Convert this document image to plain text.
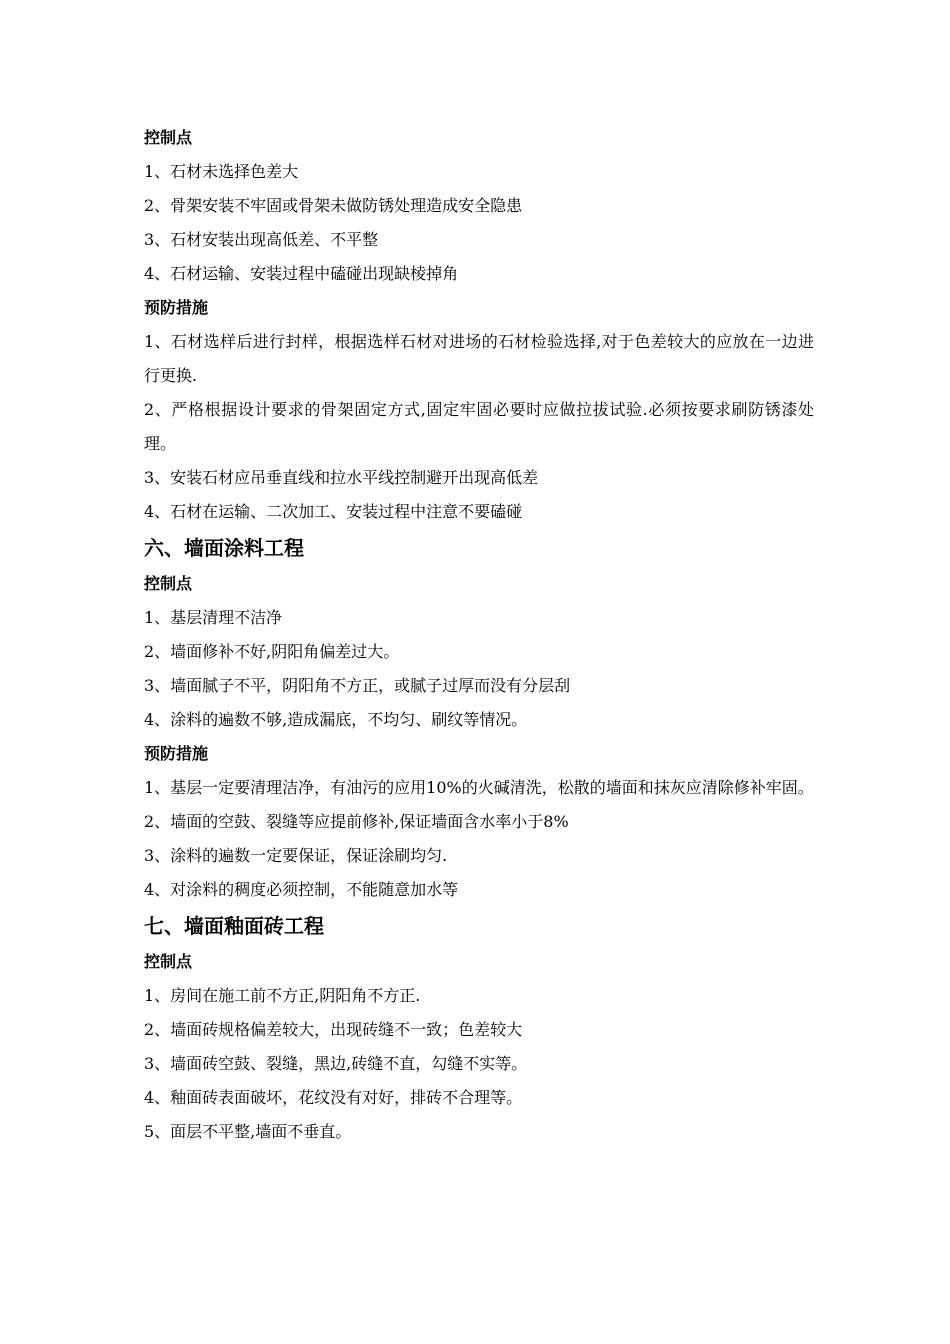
控制点

1、石材未选择色差大

2、骨架安装不牢固或骨架未做防锈处理造成安全隐患

3、石材安装出现高低差、不平整

4、石材运输、安装过程中磕碰出现缺棱掉角

预防措施

1、石材选样后进行封样，根据选样石材对进场的石材检验选择,对于色差较大的应放在一边进行更换.

2、严格根据设计要求的骨架固定方式,固定牢固必要时应做拉拔试验.必须按要求刷防锈漆处理。

3、安装石材应吊垂直线和拉水平线控制避开出现高低差

4、石材在运输、二次加工、安装过程中注意不要磕碰

六、墙面涂料工程
控制点

1、基层清理不洁净

2、墙面修补不好,阴阳角偏差过大。

3、墙面腻子不平，阴阳角不方正，或腻子过厚而没有分层刮

4、涂料的遍数不够,造成漏底，不均匀、刷纹等情况。

预防措施

1、基层一定要清理洁净，有油污的应用10%的火碱清洗，松散的墙面和抹灰应清除修补牢固。

2、墙面的空鼓、裂缝等应提前修补,保证墙面含水率小于8%

3、涂料的遍数一定要保证，保证涂刷均匀.

4、对涂料的稠度必须控制，不能随意加水等

七、墙面釉面砖工程
控制点

1、房间在施工前不方正,阴阳角不方正.

2、墙面砖规格偏差较大，出现砖缝不一致；色差较大

3、墙面砖空鼓、裂缝，黑边,砖缝不直，勾缝不实等。

4、釉面砖表面破坏，花纹没有对好，排砖不合理等。

5、面层不平整,墙面不垂直。
